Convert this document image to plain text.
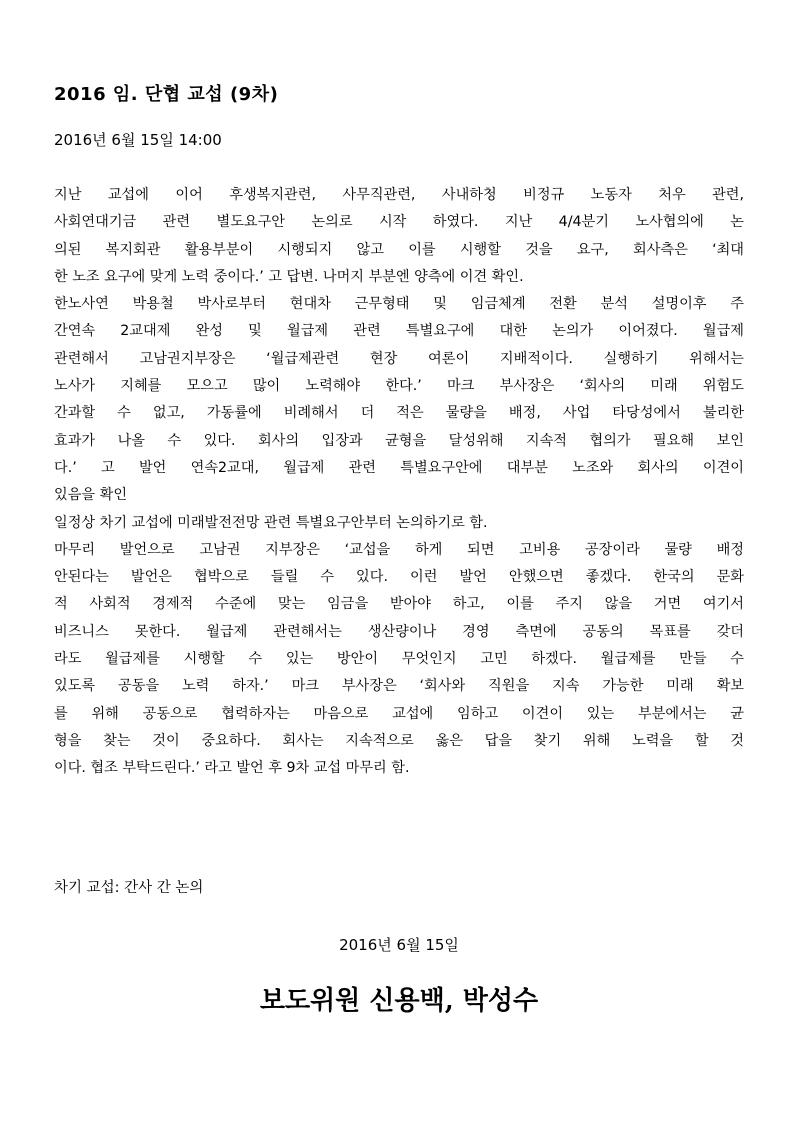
2016 임. 단협 교섭 (9차)
2016년 6월 15일 14:00
지난 교섭에 이어 후생복지관련, 사무직관련, 사내하청 비정규 노동자 처우 관련,
사회연대기금 관련 별도요구안 논의로 시작 하였다. 지난 4/4분기 노사협의에 논
의된 복지회관 활용부분이 시행되지 않고 이를 시행할 것을 요구, 회사측은 ‘최대
한 노조 요구에 맞게 노력 중이다.’ 고 답변. 나머지 부분엔 양측에 이견 확인.
한노사연 박용철 박사로부터 현대차 근무형태 및 임금체계 전환 분석 설명이후 주
간연속 2교대제 완성 및 월급제 관련 특별요구에 대한 논의가 이어졌다. 월급제
관련해서 고남권지부장은 ‘월급제관련 현장 여론이 지배적이다. 실행하기 위해서는
노사가 지혜를 모으고 많이 노력해야 한다.’ 마크 부사장은 ‘회사의 미래 위험도
간과할 수 없고, 가동률에 비례해서 더 적은 물량을 배정, 사업 타당성에서 불리한
효과가 나올 수 있다. 회사의 입장과 균형을 달성위해 지속적 협의가 필요해 보인
다.’ 고 발언 연속2교대, 월급제 관련 특별요구안에 대부분 노조와 회사의 이견이
있음을 확인
일정상 차기 교섭에 미래발전전망 관련 특별요구안부터 논의하기로 함.
마무리 발언으로 고남권 지부장은 ‘교섭을 하게 되면 고비용 공장이라 물량 배정
안된다는 발언은 협박으로 들릴 수 있다. 이런 발언 안했으면 좋겠다. 한국의 문화
적 사회적 경제적 수준에 맞는 임금을 받아야 하고, 이를 주지 않을 거면 여기서
비즈니스 못한다. 월급제 관련해서는 생산량이나 경영 측면에 공동의 목표를 갖더
라도 월급제를 시행할 수 있는 방안이 무엇인지 고민 하겠다. 월급제를 만들 수
있도록 공동을 노력 하자.’ 마크 부사장은 ‘회사와 직원을 지속 가능한 미래 확보
를 위해 공동으로 협력하자는 마음으로 교섭에 임하고 이견이 있는 부분에서는 균
형을 찾는 것이 중요하다. 회사는 지속적으로 옳은 답을 찾기 위해 노력을 할 것
이다. 협조 부탁드린다.’ 라고 발언 후 9차 교섭 마무리 함.
차기 교섭: 간사 간 논의
2016년 6월 15일
보도위원 신용백, 박성수
